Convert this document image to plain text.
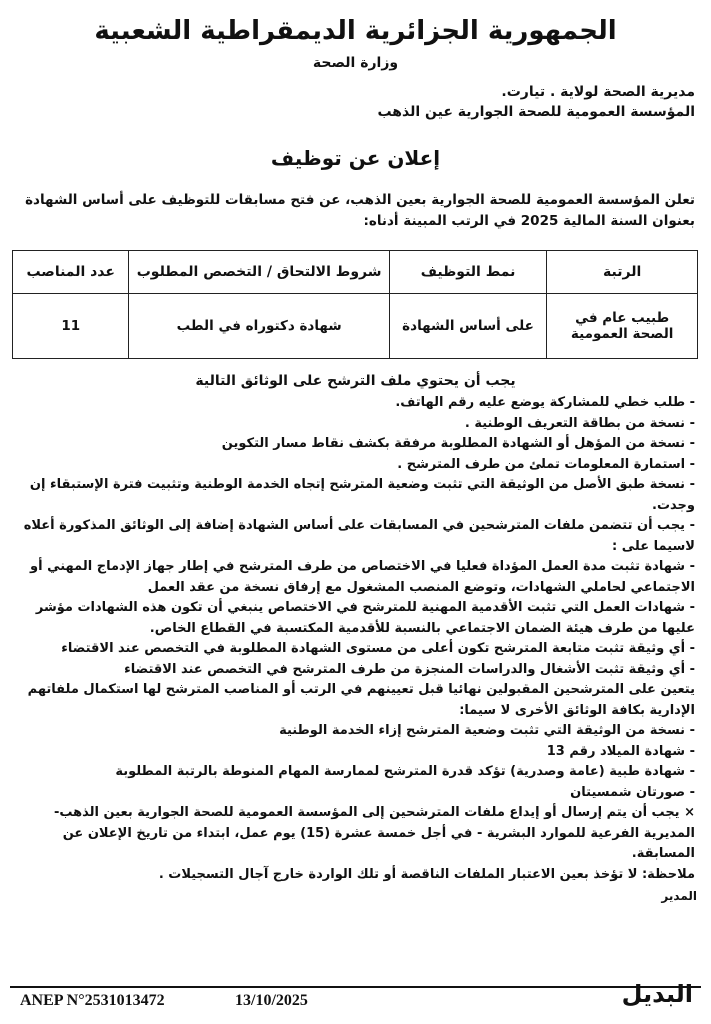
الجمهورية الجزائرية الديمقراطية الشعبية
وزارة الصحة
مديرية الصحة لولاية . تيارت.
المؤسسة العمومية للصحة الجوارية عين الذهب
إعلان عن توظيف
تعلن المؤسسة العمومية للصحة الجوارية بعين الذهب، عن فتح مسابقات للتوظيف على أساس الشهادة
بعنوان السنة المالية 2025 في الرتب المبينة أدناه:
الرتبة	نمط التوظيف	شروط الالتحاق / التخصص المطلوب	عدد المناصب
طبيب عام في الصحة العمومية	على أساس الشهادة	شهادة دكتوراه في الطب	11
يجب أن يحتوي ملف الترشح على الوثائق التالية

- طلب خطي للمشاركة يوضع عليه رقم الهاتف.

- نسخة من بطاقة التعريف الوطنية .

- نسخة من المؤهل أو الشهادة المطلوبة مرفقة بكشف نقاط مسار التكوين

- استمارة المعلومات تملئ من طرف المترشح .

- نسخة طبق الأصل من الوثيقة التي تثبت وضعية المترشح إتجاه الخدمة الوطنية وتثبيت فترة الإستبقاء إن وجدت.

- يجب أن تتضمن ملفات المترشحين في المسابقات على أساس الشهادة إضافة إلى الوثائق المذكورة أعلاه لاسيما على :

- شهادة تثبت مدة العمل المؤداة فعليا في الاختصاص من طرف المترشح في إطار جهاز الإدماج المهني أو الاجتماعي لحاملي الشهادات، وتوضع المنصب المشغول مع إرفاق نسخة من عقد العمل

- شهادات العمل التي تثبت الأقدمية المهنية للمترشح في الاختصاص ينبغي أن تكون هذه الشهادات مؤشر عليها من طرف هيئة الضمان الاجتماعي بالنسبة للأقدمية المكتسبة في القطاع الخاص.

- أي وثيقة تثبت متابعة المترشح تكون أعلى من مستوى الشهادة المطلوبة في التخصص عند الاقتضاء

- أي وثيقة تثبت الأشغال والدراسات المنجزة من طرف المترشح في التخصص عند الاقتضاء

يتعين على المترشحين المقبولين نهائيا قبل تعيينهم في الرتب أو المناصب المترشح لها استكمال ملفاتهم الإدارية بكافة الوثائق الأخرى لا سيما:

- نسخة من الوثيقة التي تثبت وضعية المترشح إزاء الخدمة الوطنية

- شهادة الميلاد رقم 13

- شهادة طبية (عامة وصدرية) تؤكد قدرة المترشح لممارسة المهام المنوطة بالرتبة المطلوبة

- صورتان شمسيتان

× يجب أن يتم إرسال أو إيداع ملفات المترشحين إلى المؤسسة العمومية للصحة الجوارية بعين الذهب- المديرية الفرعية للموارد البشرية - في أجل خمسة عشرة (15) يوم عمل، ابتداء من تاريخ الإعلان عن المسابقة.

ملاحظة: لا تؤخذ بعين الاعتبار الملفات الناقصة أو تلك الواردة خارج آجال التسجيلات .

المدير
ANEP N°2531013472	13/10/2025	البديل
